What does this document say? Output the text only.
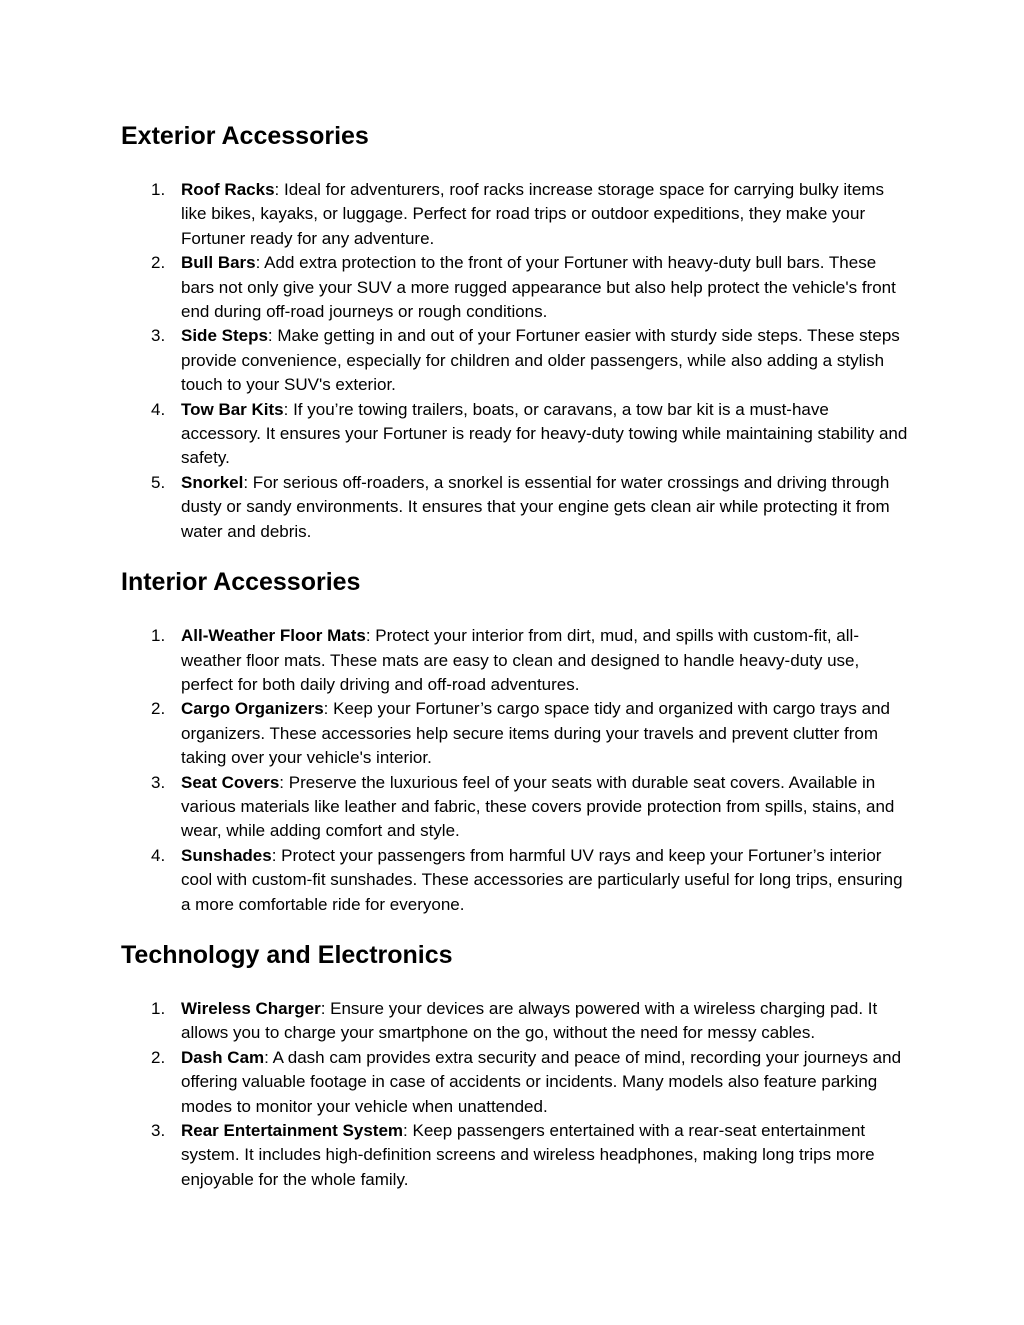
Exterior Accessories
1. Roof Racks: Ideal for adventurers, roof racks increase storage space for carrying bulky items like bikes, kayaks, or luggage. Perfect for road trips or outdoor expeditions, they make your Fortuner ready for any adventure.
2. Bull Bars: Add extra protection to the front of your Fortuner with heavy-duty bull bars. These bars not only give your SUV a more rugged appearance but also help protect the vehicle's front end during off-road journeys or rough conditions.
3. Side Steps: Make getting in and out of your Fortuner easier with sturdy side steps. These steps provide convenience, especially for children and older passengers, while also adding a stylish touch to your SUV's exterior.
4. Tow Bar Kits: If you’re towing trailers, boats, or caravans, a tow bar kit is a must-have accessory. It ensures your Fortuner is ready for heavy-duty towing while maintaining stability and safety.
5. Snorkel: For serious off-roaders, a snorkel is essential for water crossings and driving through dusty or sandy environments. It ensures that your engine gets clean air while protecting it from water and debris.
Interior Accessories
1. All-Weather Floor Mats: Protect your interior from dirt, mud, and spills with custom-fit, all-weather floor mats. These mats are easy to clean and designed to handle heavy-duty use, perfect for both daily driving and off-road adventures.
2. Cargo Organizers: Keep your Fortuner’s cargo space tidy and organized with cargo trays and organizers. These accessories help secure items during your travels and prevent clutter from taking over your vehicle's interior.
3. Seat Covers: Preserve the luxurious feel of your seats with durable seat covers. Available in various materials like leather and fabric, these covers provide protection from spills, stains, and wear, while adding comfort and style.
4. Sunshades: Protect your passengers from harmful UV rays and keep your Fortuner’s interior cool with custom-fit sunshades. These accessories are particularly useful for long trips, ensuring a more comfortable ride for everyone.
Technology and Electronics
1. Wireless Charger: Ensure your devices are always powered with a wireless charging pad. It allows you to charge your smartphone on the go, without the need for messy cables.
2. Dash Cam: A dash cam provides extra security and peace of mind, recording your journeys and offering valuable footage in case of accidents or incidents. Many models also feature parking modes to monitor your vehicle when unattended.
3. Rear Entertainment System: Keep passengers entertained with a rear-seat entertainment system. It includes high-definition screens and wireless headphones, making long trips more enjoyable for the whole family.
